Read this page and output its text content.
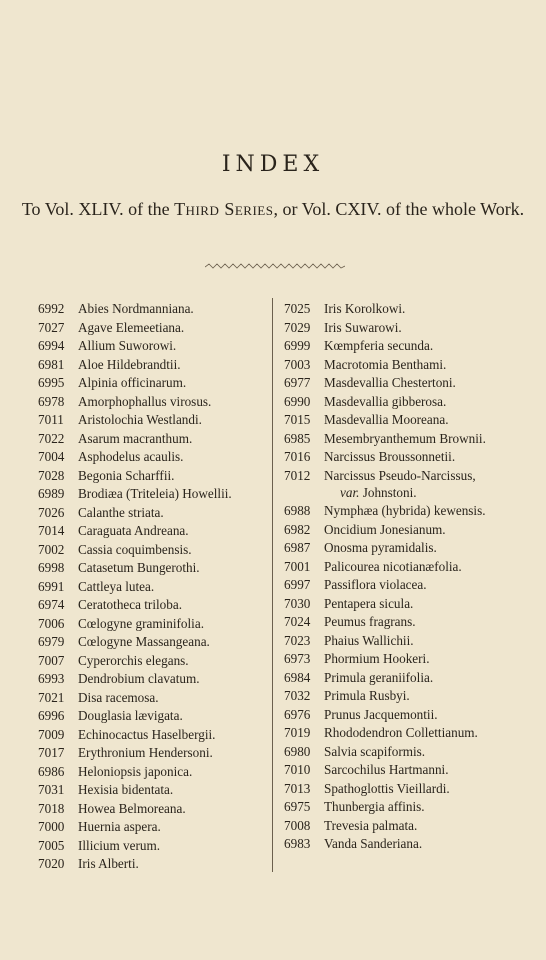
INDEX
To Vol. XLIV. of the Third Series, or Vol. CXIV. of the whole Work.
6992 Abies Nordmanniana.
7027 Agave Elemeetiana.
6994 Allium Suworowi.
6981 Aloe Hildebrandtii.
6995 Alpinia officinarum.
6978 Amorphophallus virosus.
7011 Aristolochia Westlandi.
7022 Asarum macranthum.
7004 Asphodelus acaulis.
7028 Begonia Scharffii.
6989 Brodiæa (Triteleia) Howellii.
7026 Calanthe striata.
7014 Caraguata Andreana.
7002 Cassia coquimbensis.
6998 Catasetum Bungerothi.
6991 Cattleya lutea.
6974 Ceratotheca triloba.
7006 Cœlogyne graminifolia.
6979 Cœlogyne Massangeana.
7007 Cyperorchis elegans.
6993 Dendrobium clavatum.
7021 Disa racemosa.
6996 Douglasia lævigata.
7009 Echinocactus Haselbergii.
7017 Erythronium Hendersoni.
6986 Heloniopsis japonica.
7031 Hexisia bidentata.
7018 Howea Belmoreana.
7000 Huernia aspera.
7005 Illicium verum.
7020 Iris Alberti.
7025 Iris Korolkowi.
7029 Iris Suwarowi.
6999 Kœmpferia secunda.
7003 Macrotomia Benthami.
6977 Masdevallia Chestertoni.
6990 Masdevallia gibberosa.
7015 Masdevallia Mooreana.
6985 Mesembryanthemum Brownii.
7016 Narcissus Broussonnetii.
7012 Narcissus Pseudo-Narcissus,
var. Johnstoni.
6988 Nymphæa (hybrida) kewensis.
6982 Oncidium Jonesianum.
6987 Onosma pyramidalis.
7001 Palicourea nicotianæfolia.
6997 Passiflora violacea.
7030 Pentapera sicula.
7024 Peumus fragrans.
7023 Phaius Wallichii.
6973 Phormium Hookeri.
6984 Primula geraniifolia.
7032 Primula Rusbyi.
6976 Prunus Jacquemontii.
7019 Rhododendron Collettianum.
6980 Salvia scapiformis.
7010 Sarcochilus Hartmanni.
7013 Spathoglottis Vieillardi.
6975 Thunbergia affinis.
7008 Trevesia palmata.
6983 Vanda Sanderiana.
